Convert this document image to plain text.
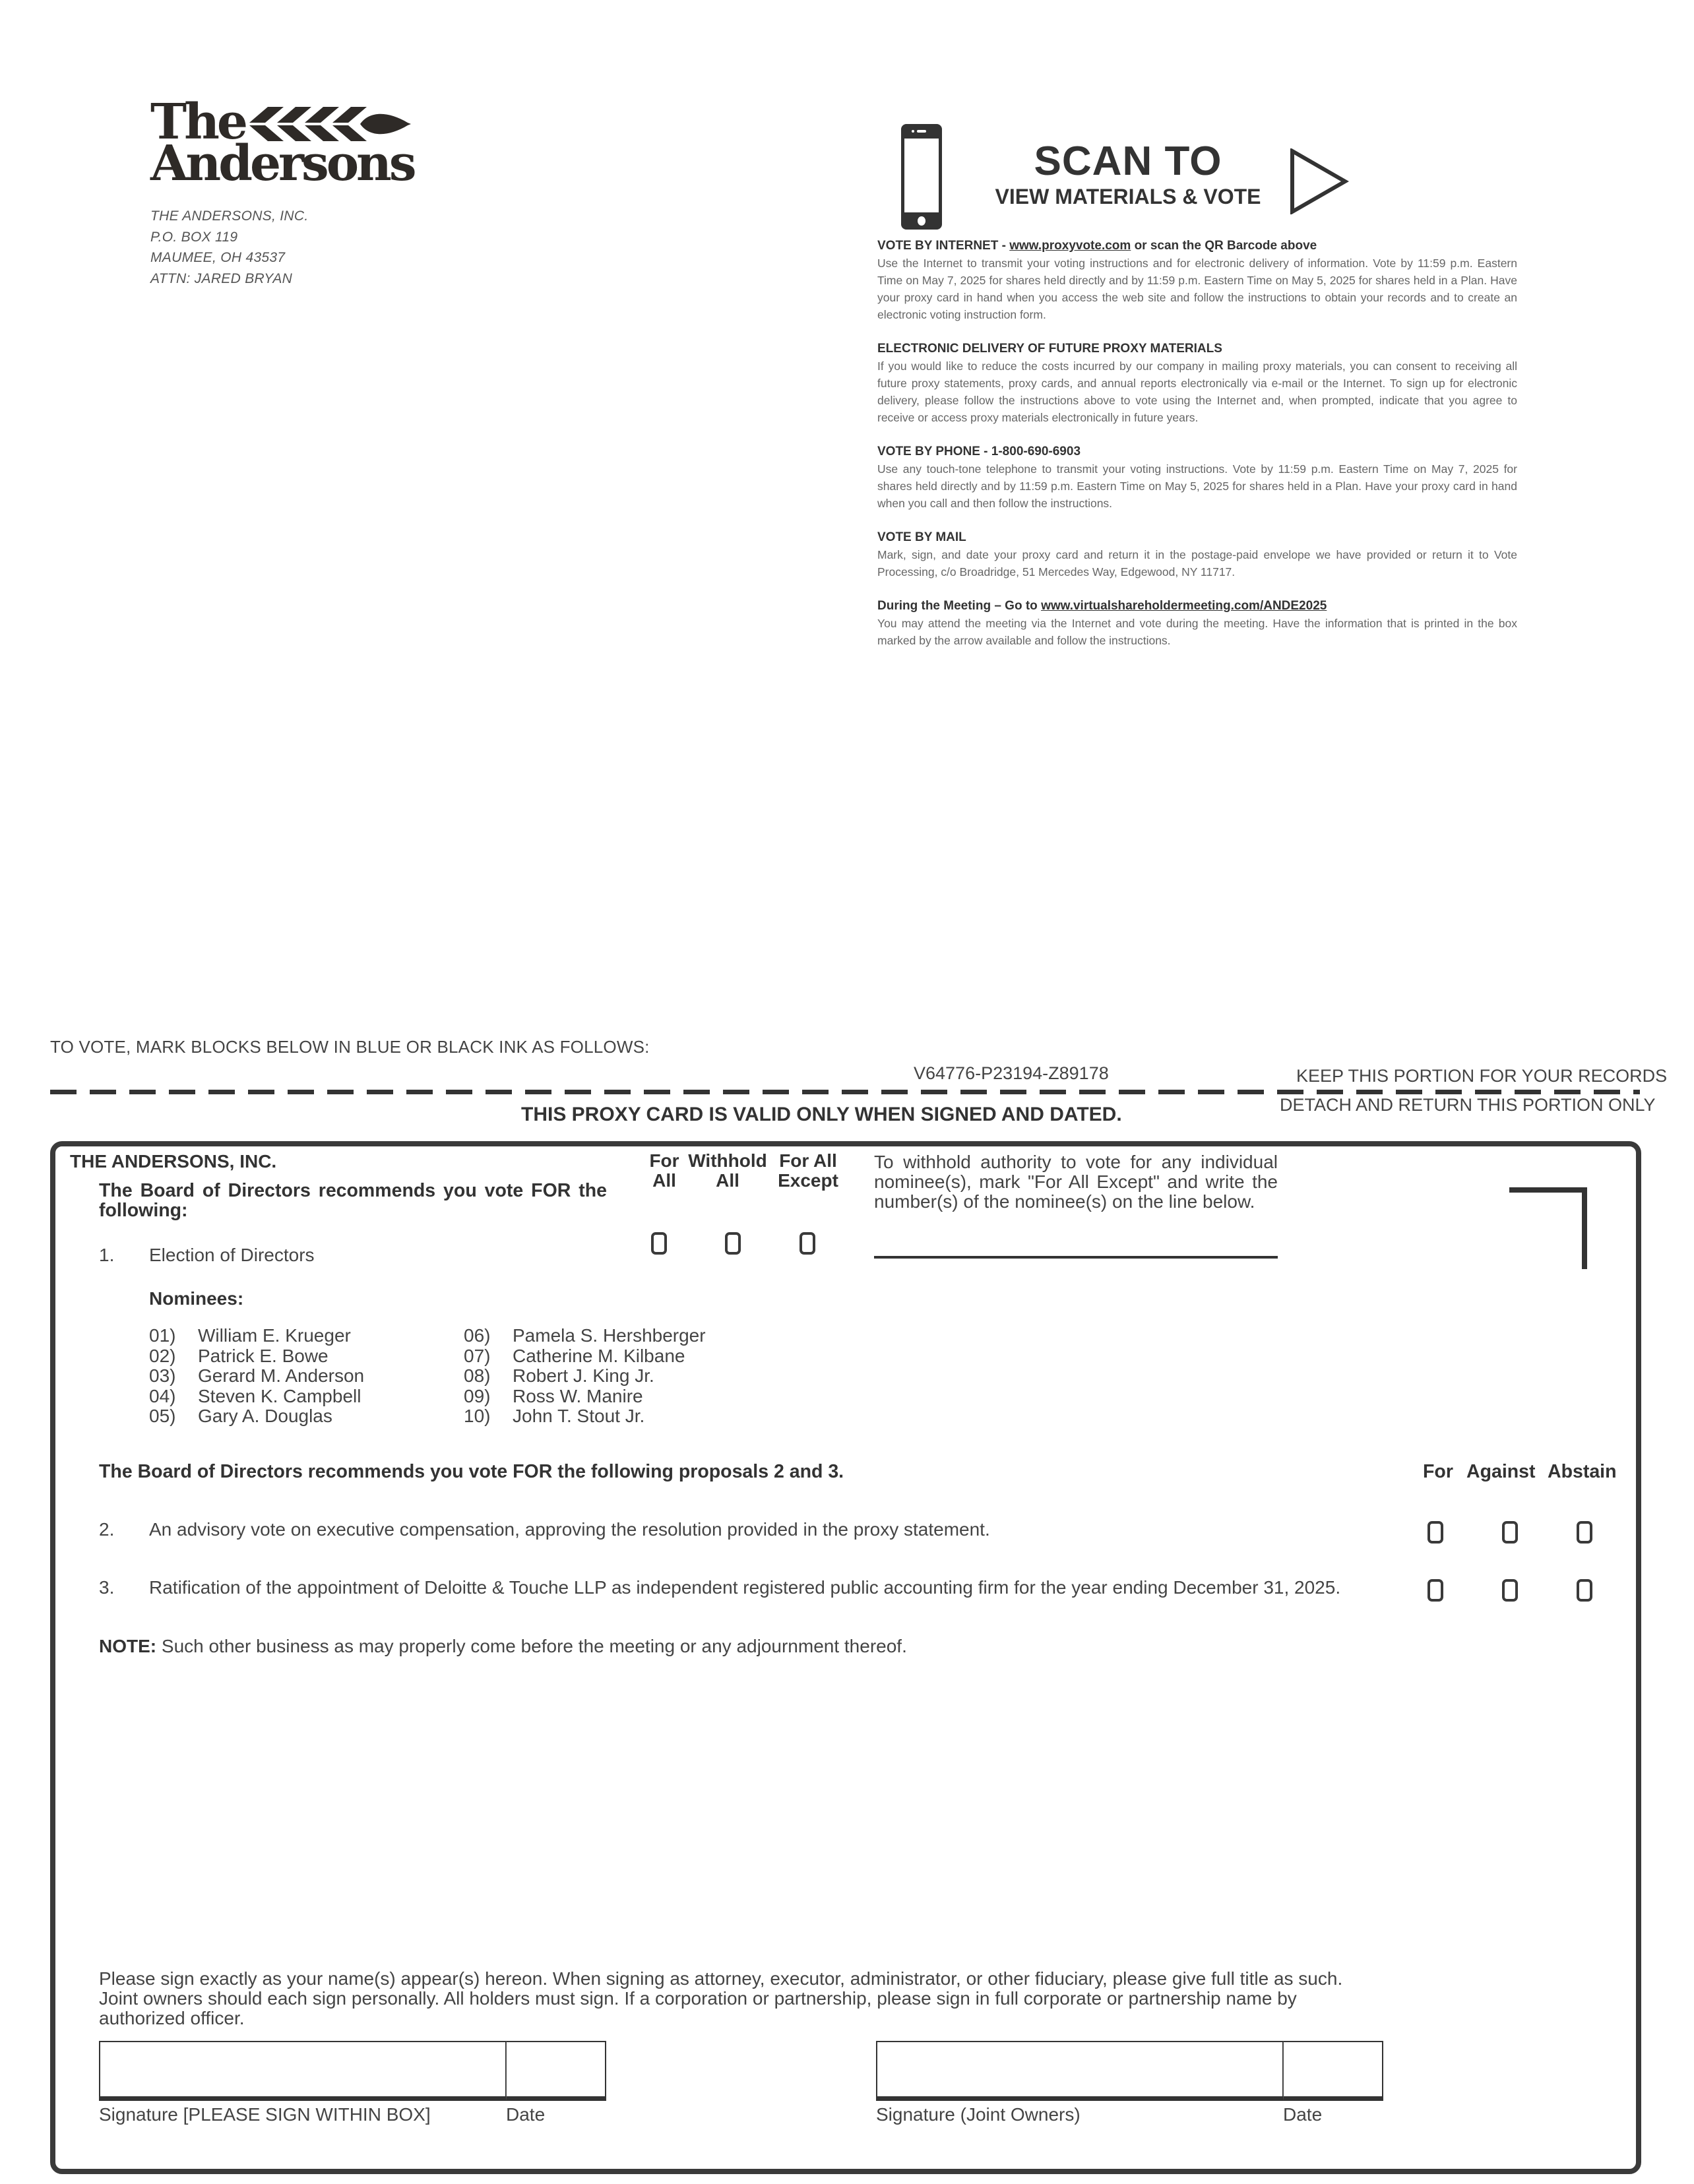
The
Andersons
THE ANDERSONS, INC.
P.O. BOX 119
MAUMEE, OH 43537
ATTN: JARED BRYAN
SCAN TO
VIEW MATERIALS & VOTE
VOTE BY INTERNET - www.proxyvote.com or scan the QR Barcode above
Use the Internet to transmit your voting instructions and for electronic delivery of information. Vote by 11:59 p.m. Eastern Time on May 7, 2025 for shares held directly and by 11:59 p.m. Eastern Time on May 5, 2025 for shares held in a Plan. Have your proxy card in hand when you access the web site and follow the instructions to obtain your records and to create an electronic voting instruction form.
ELECTRONIC DELIVERY OF FUTURE PROXY MATERIALS
If you would like to reduce the costs incurred by our company in mailing proxy materials, you can consent to receiving all future proxy statements, proxy cards, and annual reports electronically via e-mail or the Internet. To sign up for electronic delivery, please follow the instructions above to vote using the Internet and, when prompted, indicate that you agree to receive or access proxy materials electronically in future years.
VOTE BY PHONE - 1-800-690-6903
Use any touch-tone telephone to transmit your voting instructions. Vote by 11:59 p.m. Eastern Time on May 7, 2025 for shares held directly and by 11:59 p.m. Eastern Time on May 5, 2025 for shares held in a Plan. Have your proxy card in hand when you call and then follow the instructions.
VOTE BY MAIL
Mark, sign, and date your proxy card and return it in the postage-paid envelope we have provided or return it to Vote Processing, c/o Broadridge, 51 Mercedes Way, Edgewood, NY 11717.
During the Meeting – Go to www.virtualshareholdermeeting.com/ANDE2025
You may attend the meeting via the Internet and vote during the meeting. Have the information that is printed in the box marked by the arrow available and follow the instructions.
TO VOTE, MARK BLOCKS BELOW IN BLUE OR BLACK INK AS FOLLOWS:
V64776-P23194-Z89178	KEEP THIS PORTION FOR YOUR RECORDS
THIS PROXY CARD IS VALID ONLY WHEN SIGNED AND DATED.	DETACH AND RETURN THIS PORTION ONLY
THE ANDERSONS, INC.
The Board of Directors recommends you vote FOR the following:
For
All
Withhold
All
For All
Except
To withhold authority to vote for any individual nominee(s), mark "For All Except" and write the number(s) of the nominee(s) on the line below.
1. Election of Directors
Nominees:
01) William E. Krueger
02) Patrick E. Bowe
03) Gerard M. Anderson
04) Steven K. Campbell
05) Gary A. Douglas
06) Pamela S. Hershberger
07) Catherine M. Kilbane
08) Robert J. King Jr.
09) Ross W. Manire
10) John T. Stout Jr.
The Board of Directors recommends you vote FOR the following proposals 2 and 3.	For Against Abstain
2. An advisory vote on executive compensation, approving the resolution provided in the proxy statement.
3. Ratification of the appointment of Deloitte & Touche LLP as independent registered public accounting firm for the year ending December 31, 2025.
NOTE: Such other business as may properly come before the meeting or any adjournment thereof.
Please sign exactly as your name(s) appear(s) hereon. When signing as attorney, executor, administrator, or other fiduciary, please give full title as such. Joint owners should each sign personally. All holders must sign. If a corporation or partnership, please sign in full corporate or partnership name by authorized officer.
Signature [PLEASE SIGN WITHIN BOX]	Date	Signature (Joint Owners)	Date
